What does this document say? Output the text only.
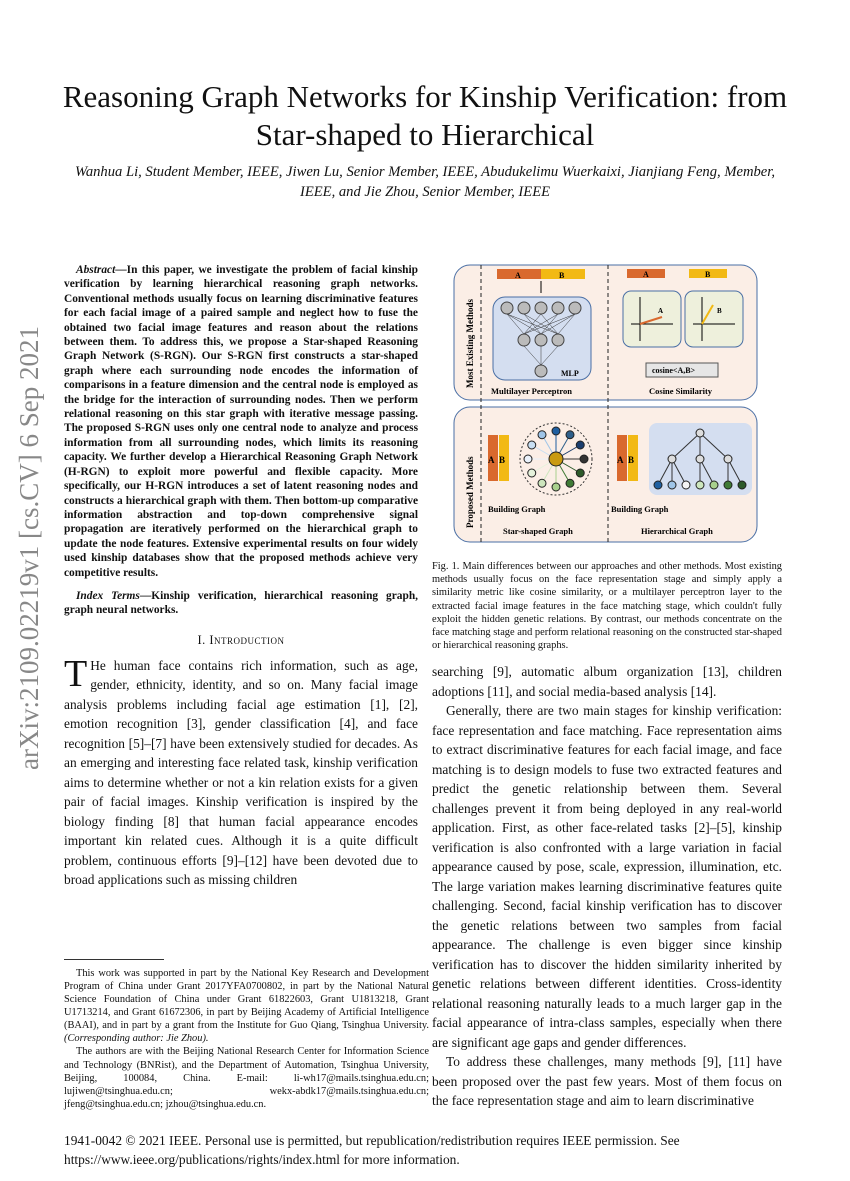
arXiv:2109.02219v1 [cs.CV] 6 Sep 2021
Reasoning Graph Networks for Kinship Verification: from Star-shaped to Hierarchical
Wanhua Li, Student Member, IEEE, Jiwen Lu, Senior Member, IEEE, Abudukelimu Wuerkaixi, Jianjiang Feng, Member, IEEE, and Jie Zhou, Senior Member, IEEE

Abstract—In this paper, we investigate the problem of facial kinship verification by learning hierarchical reasoning graph networks. Conventional methods usually focus on learning discriminative features for each facial image of a paired sample and neglect how to fuse the obtained two facial image features and reason about the relations between them. To address this, we propose a Star-shaped Reasoning Graph Network (S-RGN). Our S-RGN first constructs a star-shaped graph where each surrounding node encodes the information of comparisons in a feature dimension and the central node is employed as the bridge for the interaction of surrounding nodes. Then we perform relational reasoning on this star graph with iterative message passing. The proposed S-RGN uses only one central node to analyze and process information from all surrounding nodes, which limits its reasoning capacity. We further develop a Hierarchical Reasoning Graph Network (H-RGN) to exploit more powerful and flexible capacity. More specifically, our H-RGN introduces a set of latent reasoning nodes and constructs a hierarchical graph with them. Then bottom-up comparative information abstraction and top-down comprehensive signal propagation are iteratively performed on the hierarchical graph to update the node features. Extensive experimental results on four widely used kinship databases show that the proposed methods achieve very competitive results.

Index Terms—Kinship verification, hierarchical reasoning graph, graph neural networks.

I. Introduction

T He human face contains rich information, such as age, gender, ethnicity, identity, and so on. Many facial image analysis problems including facial age estimation [1], [2], emotion recognition [3], gender classification [4], and face recognition [5]–[7] have been extensively studied for decades. As an emerging and interesting face related task, kinship verification aims to determine whether or not a kin relation exists for a given pair of facial images. Kinship verification is inspired by the biology finding [8] that human facial appearance encodes important kin related cues. Although it is a quite difficult problem, continuous efforts [9]–[12] have been devoted due to broad applications such as missing children

This work was supported in part by the National Key Research and Development Program of China under Grant 2017YFA0700802, in part by the National Natural Science Foundation of China under Grant 61822603, Grant U1813218, Grant U1713214, and Grant 61672306, in part by Beijing Academy of Artificial Intelligence (BAAI), and in part by a grant from the Institute for Guo Qiang, Tsinghua University. (Corresponding author: Jie Zhou).

The authors are with the Beijing National Research Center for Information Science and Technology (BNRist), and the Department of Automation, Tsinghua University, Beijing, 100084, China. E-mail: li-wh17@mails.tsinghua.edu.cn; lujiwen@tsinghua.edu.cn; wekx-abdk17@mails.tsinghua.edu.cn; jfeng@tsinghua.edu.cn; jzhou@tsinghua.edu.cn.

Most Existing Methods
Proposed Methods
A	B
MLP
Multilayer Perceptron
A	B
A	B
cosine<A,B>
Cosine Similarity
A B
Building Graph
Star-shaped Graph
A B
Building Graph
Hierarchical Graph
Fig. 1. Main differences between our approaches and other methods. Most existing methods usually focus on the face representation stage and simply apply a similarity metric like cosine similarity, or a multilayer perceptron layer to the extracted facial image features in the face matching stage, which couldn't fully exploit the hidden genetic relations. By contrast, our methods concentrate on the face matching stage and perform relational reasoning on the constructed star-shaped or hierarchical reasoning graphs.

searching [9], automatic album organization [13], children adoptions [11], and social media-based analysis [14].

Generally, there are two main stages for kinship verification: face representation and face matching. Face representation aims to extract discriminative features for each facial image, and face matching is to design models to fuse two extracted features and predict the genetic relationship between them. Several challenges prevent it from being deployed in any real-world application. First, as other face-related tasks [2]–[5], kinship verification is also confronted with a large variation in facial appearance caused by pose, scale, expression, illumination, etc. The large variation makes learning discriminative features quite challenging. Second, facial kinship verification has to discover the genetic relations between two samples from facial appearance. The challenge is even bigger since kinship verification has to discover the hidden similarity inherited by genetic relations between different identities. Cross-identity relational reasoning naturally leads to a much larger gap in the facial appearance of intra-class samples, especially when there are significant age gaps and gender differences.

To address these challenges, many methods [9], [11] have been proposed over the past few years. Most of them focus on the face representation stage and aim to learn discriminative

1941-0042 © 2021 IEEE. Personal use is permitted, but republication/redistribution requires IEEE permission. See https://www.ieee.org/publications/rights/index.html for more information.
